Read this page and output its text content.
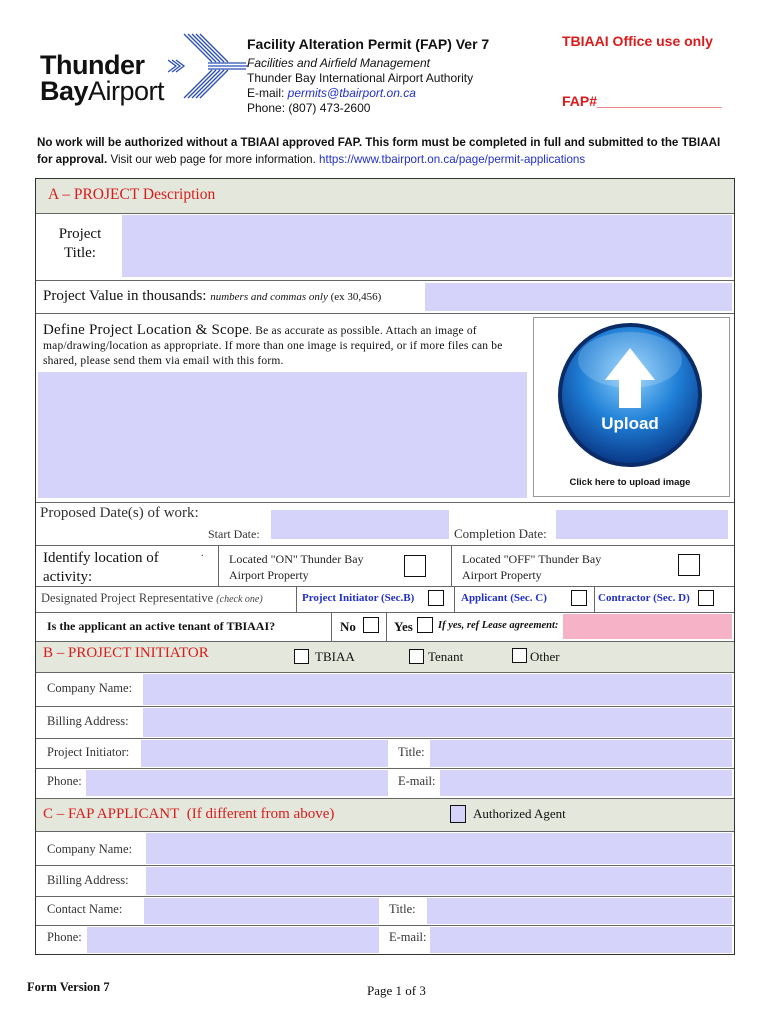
Thunder
BayAirport
Facility Alteration Permit (FAP) Ver 7
Facilities and Airfield Management
Thunder Bay International Airport Authority
E-mail: permits@tbairport.on.ca
Phone: (807) 473-2600
TBIAAI Office use only
FAP#________________
No work will be authorized without a TBIAAI approved FAP. This form must be completed in full and submitted to the TBIAAI for approval. Visit our web page for more information. https://www.tbairport.on.ca/page/permit-applications
A – PROJECT Description
Project
Title:
Project Value in thousands: numbers and commas only (ex 30,456)
Define Project Location & Scope. Be as accurate as possible. Attach an image of map/drawing/location as appropriate. If more than one image is required, or if more files can be shared, please send them via email with this form.
Upload
Click here to upload image
Proposed Date(s) of work:
Start Date:	Completion Date:
Identify location of
activity:
. Located "ON" Thunder Bay
Airport Property
Located "OFF" Thunder Bay
Airport Property
Designated Project Representative (check one)	Project Initiator (Sec.B)	Applicant (Sec. C)	Contractor (Sec. D)
Is the applicant an active tenant of TBIAAI?	No	Yes If yes, ref Lease agreement:
B – PROJECT INITIATOR	TBIAA	Tenant	Other
Company Name:
Billing Address:
Project Initiator:	Title:
Phone:	E-mail:
C – FAP APPLICANT (If different from above)	Authorized Agent
Company Name:
Billing Address:
Contact Name:	Title:
Phone:	E-mail:
Form Version 7	Page 1 of 3
